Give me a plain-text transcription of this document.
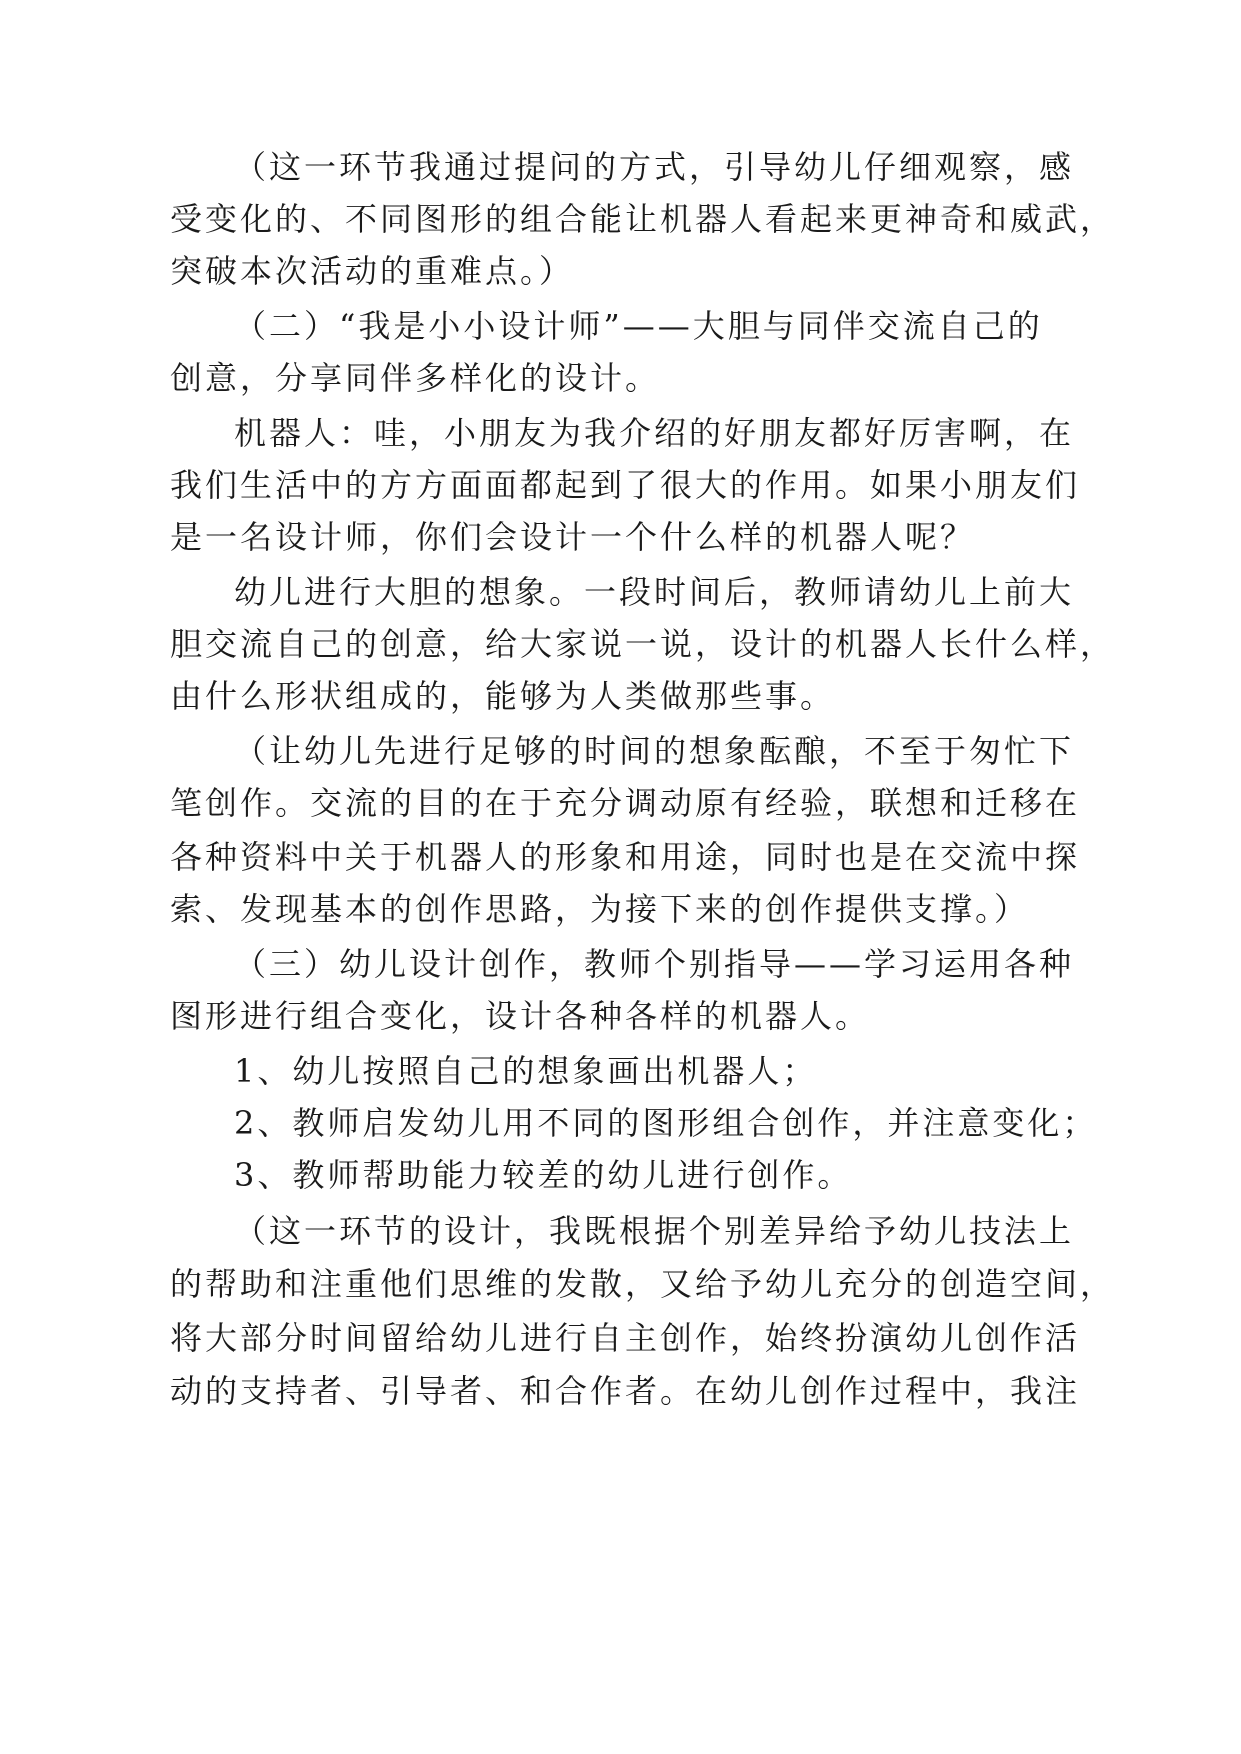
（这一环节我通过提问的方式，引导幼儿仔细观察，感
受变化的、不同图形的组合能让机器人看起来更神奇和威武，
突破本次活动的重难点。）
（二）“我是小小设计师”——大胆与同伴交流自己的
创意，分享同伴多样化的设计。
机器人：哇，小朋友为我介绍的好朋友都好厉害啊，在
我们生活中的方方面面都起到了很大的作用。如果小朋友们
是一名设计师，你们会设计一个什么样的机器人呢？
幼儿进行大胆的想象。一段时间后，教师请幼儿上前大
胆交流自己的创意，给大家说一说，设计的机器人长什么样，
由什么形状组成的，能够为人类做那些事。
（让幼儿先进行足够的时间的想象酝酿，不至于匆忙下
笔创作。交流的目的在于充分调动原有经验，联想和迁移在
各种资料中关于机器人的形象和用途，同时也是在交流中探
索、发现基本的创作思路，为接下来的创作提供支撑。）
（三）幼儿设计创作，教师个别指导——学习运用各种
图形进行组合变化，设计各种各样的机器人。
1、幼儿按照自己的想象画出机器人；
2、教师启发幼儿用不同的图形组合创作，并注意变化；
3、教师帮助能力较差的幼儿进行创作。
（这一环节的设计，我既根据个别差异给予幼儿技法上
的帮助和注重他们思维的发散，又给予幼儿充分的创造空间，
将大部分时间留给幼儿进行自主创作，始终扮演幼儿创作活
动的支持者、引导者、和合作者。在幼儿创作过程中，我注
